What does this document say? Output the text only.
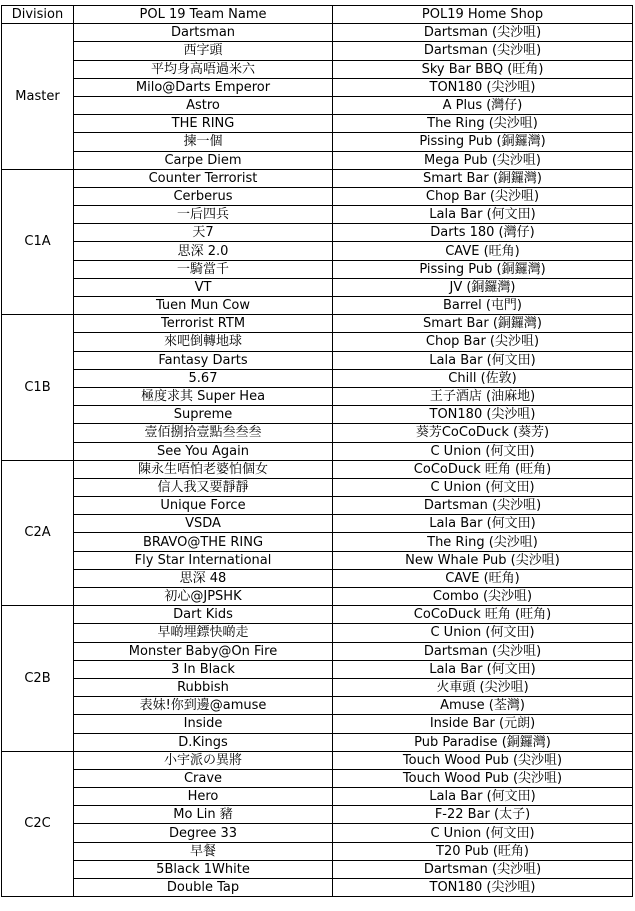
Division	POL 19 Team Name	POL19 Home Shop
Master	Dartsman	Dartsman (尖沙咀)
	西字頭	Dartsman (尖沙咀)
	平均身高唔過米六	Sky Bar BBQ (旺角)
	Milo@Darts Emperor	TON180 (尖沙咀)
	Astro	A Plus (灣仔)
	THE RING	The Ring (尖沙咀)
	揀一個	Pissing Pub (銅鑼灣)
	Carpe Diem	Mega Pub (尖沙咀)
C1A	Counter Terrorist	Smart Bar (銅鑼灣)
	Cerberus	Chop Bar (尖沙咀)
	一后四兵	Lala Bar (何文田)
	天7	Darts 180 (灣仔)
	思深 2.0	CAVE (旺角)
	一騎當千	Pissing Pub (銅鑼灣)
	VT	JV (銅鑼灣)
	Tuen Mun Cow	Barrel (屯門)
C1B	Terrorist RTM	Smart Bar (銅鑼灣)
	來吧倒轉地球	Chop Bar (尖沙咀)
	Fantasy Darts	Lala Bar (何文田)
	5.67	Chill (佐敦)
	極度求其 Super Hea	王子酒店 (油麻地)
	Supreme	TON180 (尖沙咀)
	壹佰捌拾壹點叁叁叁	葵芳CoCoDuck (葵芳)
	See You Again	C Union (何文田)
C2A	陳永生唔怕老婆怕個女	CoCoDuck 旺角 (旺角)
	信人我又要靜靜	C Union (何文田)
	Unique Force	Dartsman (尖沙咀)
	VSDA	Lala Bar (何文田)
	BRAVO@THE RING	The Ring (尖沙咀)
	Fly Star International	New Whale Pub (尖沙咀)
	思深 48	CAVE (旺角)
	初心@JPSHK	Combo (尖沙咀)
C2B	Dart Kids	CoCoDuck 旺角 (旺角)
	早啲埋鏢快啲走	C Union (何文田)
	Monster Baby@On Fire	Dartsman (尖沙咀)
	3 In Black	Lala Bar (何文田)
	Rubbish	火車頭 (尖沙咀)
	表妹!你到邊@amuse	Amuse (荃灣)
	Inside	Inside Bar (元朗)
	D.Kings	Pub Paradise (銅鑼灣)
C2C	小宇派の異將	Touch Wood Pub (尖沙咀)
	Crave	Touch Wood Pub (尖沙咀)
	Hero	Lala Bar (何文田)
	Mo Lin 豬	F-22 Bar (太子)
	Degree 33	C Union (何文田)
	早餐	T20 Pub (旺角)
	5Black 1White	Dartsman (尖沙咀)
	Double Tap	TON180 (尖沙咀)
